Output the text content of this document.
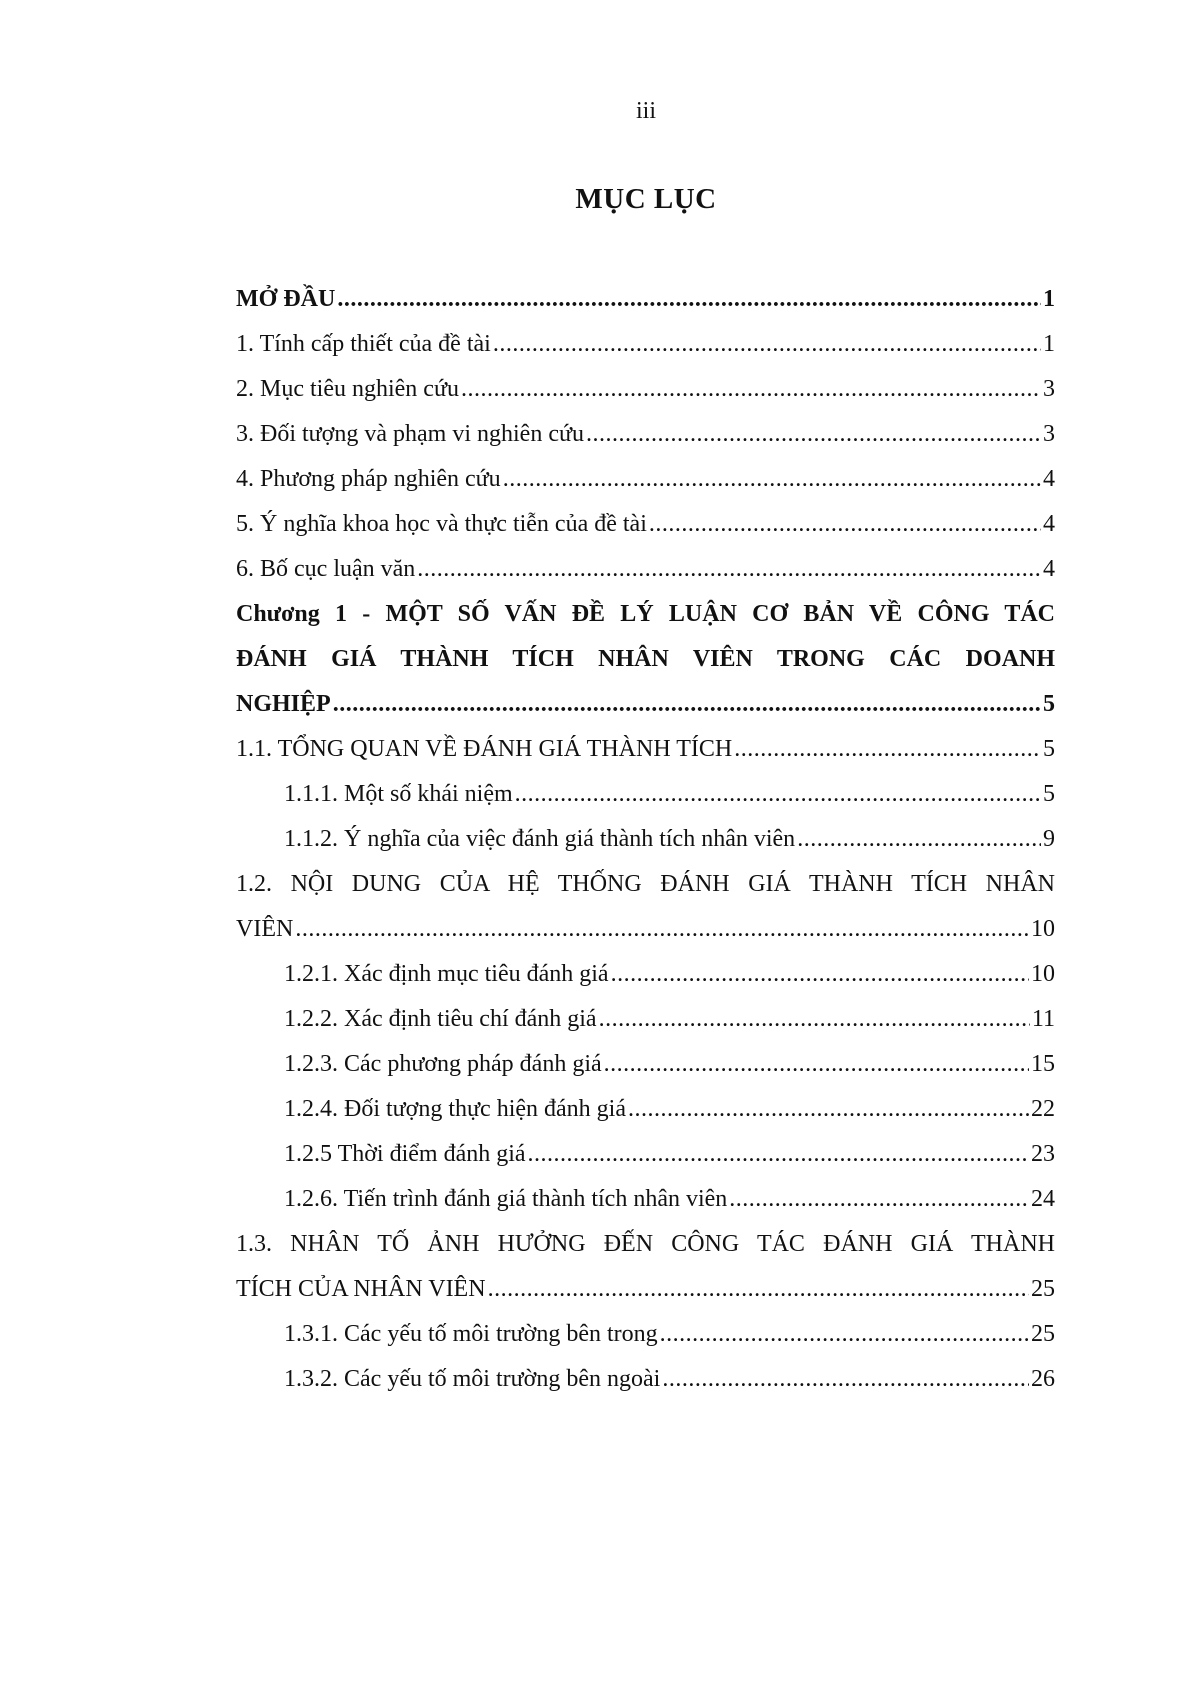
iii
MỤC LỤC
MỞ ĐẦU .....	1
1. Tính cấp thiết của đề tài .....	1
2. Mục tiêu nghiên cứu .....	3
3. Đối tượng và phạm vi nghiên cứu .....	3
4. Phương pháp nghiên cứu .....	4
5. Ý nghĩa khoa học và thực tiễn của đề tài .....	4
6. Bố cục luận văn .....	4
Chương 1 - MỘT SỐ VẤN ĐỀ LÝ LUẬN CƠ BẢN VỀ CÔNG TÁC
ĐÁNH GIÁ THÀNH TÍCH NHÂN VIÊN TRONG CÁC DOANH
NGHIỆP .....	5
1.1. TỔNG QUAN VỀ ĐÁNH GIÁ THÀNH TÍCH .....	5
1.1.1. Một số khái niệm .....	5
1.1.2. Ý nghĩa của việc đánh giá thành tích nhân viên .....	9
1.2. NỘI DUNG CỦA HỆ THỐNG ĐÁNH GIÁ THÀNH TÍCH NHÂN
VIÊN .....	10
1.2.1. Xác định mục tiêu đánh giá .....	10
1.2.2. Xác định tiêu chí đánh giá .....	11
1.2.3. Các phương pháp đánh giá .....	15
1.2.4. Đối tượng thực hiện đánh giá .....	22
1.2.5 Thời điểm đánh giá .....	23
1.2.6. Tiến trình đánh giá thành tích nhân viên .....	24
1.3. NHÂN TỐ ẢNH HƯỞNG ĐẾN CÔNG TÁC ĐÁNH GIÁ THÀNH
TÍCH CỦA NHÂN VIÊN .....	25
1.3.1. Các yếu tố môi trường bên trong .....	25
1.3.2. Các yếu tố môi trường bên ngoài .....	26
